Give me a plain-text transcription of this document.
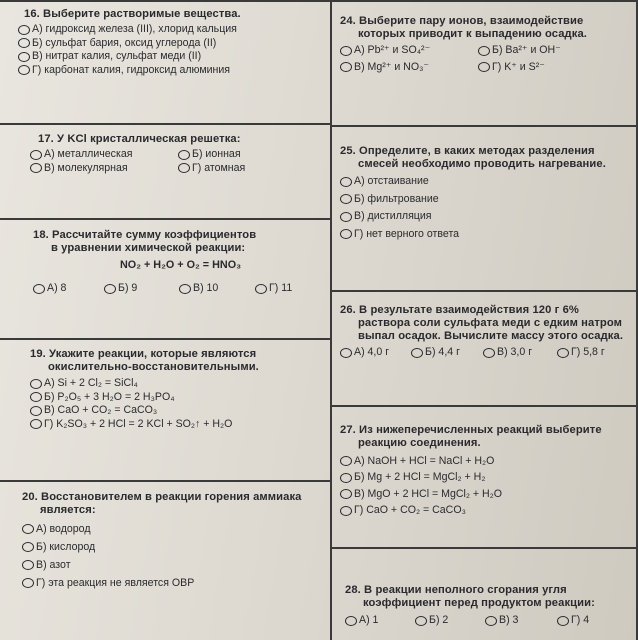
16. Выберите растворимые вещества.
А) гидроксид железа (III), хлорид кальция
Б) сульфат бария, оксид углерода (II)
В) нитрат калия, сульфат меди (II)
Г) карбонат калия, гидроксид алюминия
17. У KCl кристаллическая решетка:
А) металлическая	Б) ионная
В) молекулярная	Г) атомная
18. Рассчитайте сумму коэффициентов
в уравнении химической реакции:
NO₂ + H₂O + O₂ = HNO₃
А) 8	Б) 9	В) 10	Г) 11
19. Укажите реакции, которые являются
окислительно-восстановительными.
А) Si + 2 Cl₂ = SiCl₄
Б) P₂O₅ + 3 H₂O = 2 H₃PO₄
В) CaO + CO₂ = CaCO₃
Г) K₂SO₃ + 2 HCl = 2 KCl + SO₂↑ + H₂O
20. Восстановителем в реакции горения аммиака
является:
А) водород
Б) кислород
В) азот
Г) эта реакция не является ОВР
24. Выберите пару ионов, взаимодействие
которых приводит к выпадению осадка.
А) Pb²⁺ и SO₄²⁻	Б) Ba²⁺ и OH⁻
В) Mg²⁺ и NO₃⁻	Г) K⁺ и S²⁻
25. Определите, в каких методах разделения
смесей необходимо проводить нагревание.
А) отстаивание
Б) фильтрование
В) дистилляция
Г) нет верного ответа
26. В результате взаимодействия 120 г 6%
раствора соли сульфата меди с едким натром
выпал осадок. Вычислите массу этого осадка.
А) 4,0 г	Б) 4,4 г	В) 3,0 г	Г) 5,8 г
27. Из нижеперечисленных реакций выберите
реакцию соединения.
А) NaOH + HCl = NaCl + H₂O
Б) Mg + 2 HCl = MgCl₂ + H₂
В) MgO + 2 HCl = MgCl₂ + H₂O
Г) CaO + CO₂ = CaCO₃
28. В реакции неполного сгорания угля
коэффициент перед продуктом реакции:
А) 1	Б) 2	В) 3	Г) 4
